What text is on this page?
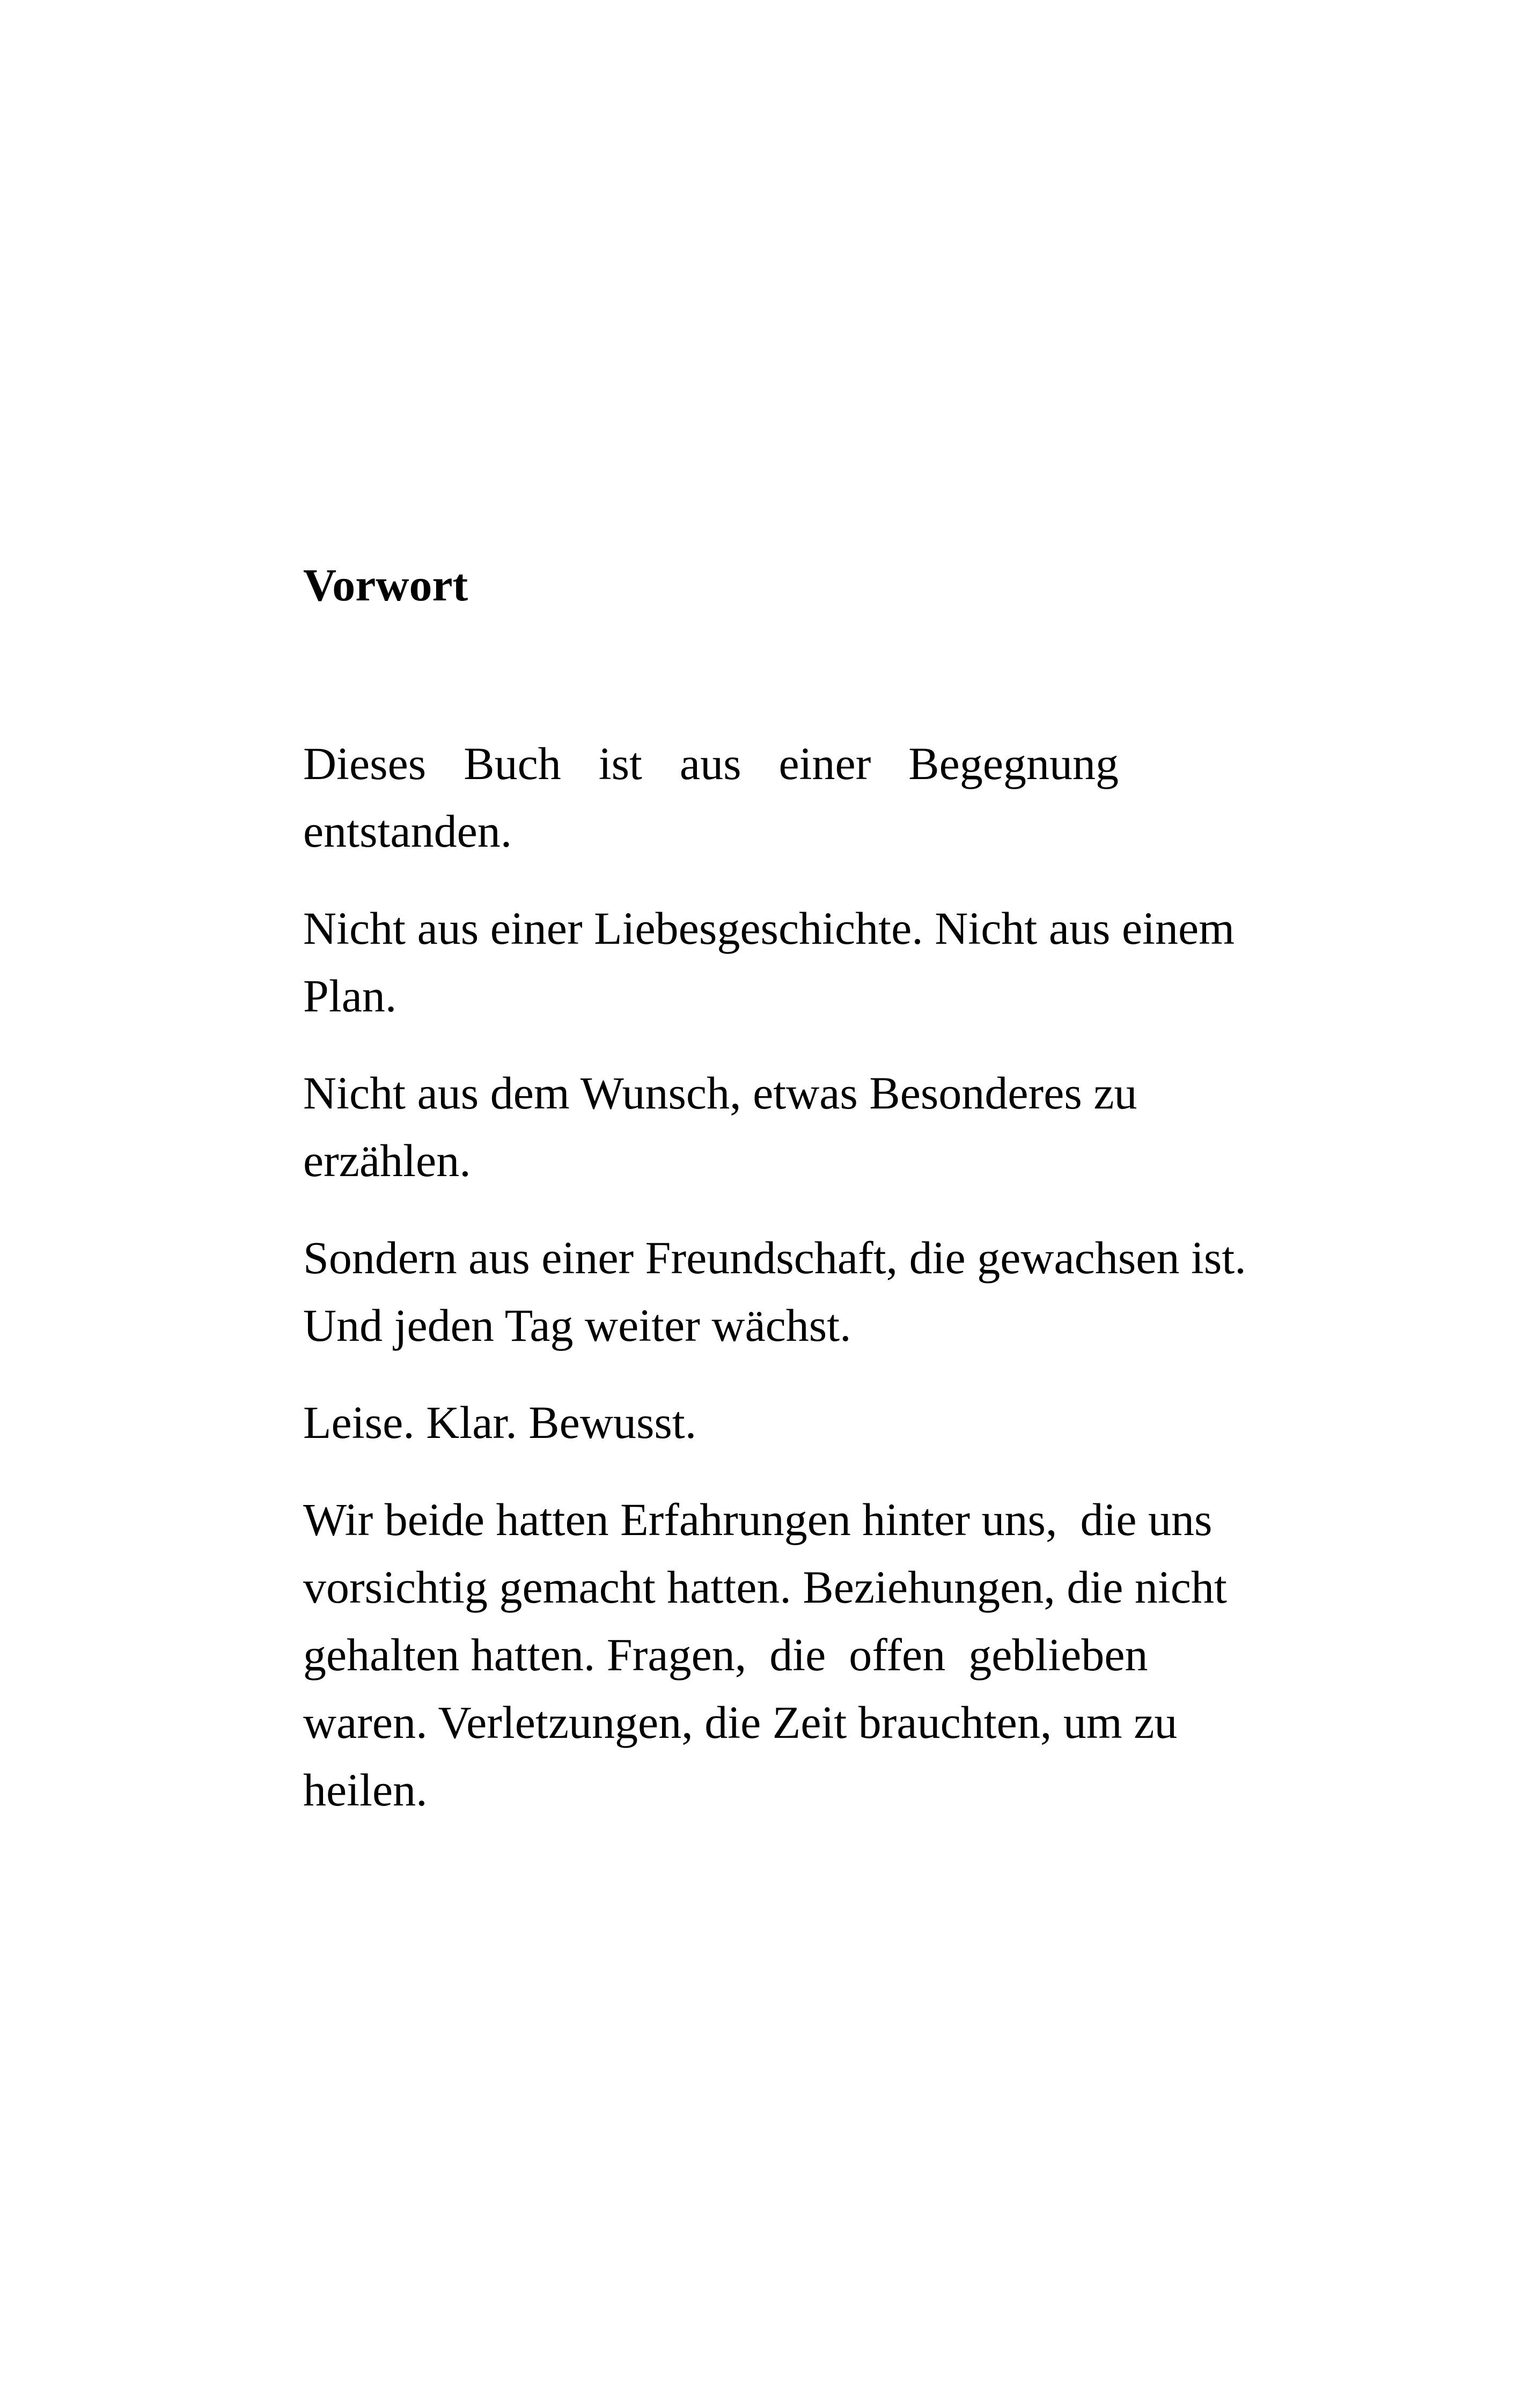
Vorwort

Dieses Buch ist aus einer Begegnung
entstanden.

Nicht aus einer Liebesgeschichte. Nicht aus einem
Plan.

Nicht aus dem Wunsch, etwas Besonderes zu
erzählen.

Sondern aus einer Freundschaft, die gewachsen ist.
Und jeden Tag weiter wächst.

Leise. Klar. Bewusst.

Wir beide hatten Erfahrungen hinter uns,  die uns
vorsichtig gemacht hatten. Beziehungen, die nicht
gehalten hatten. Fragen,  die  offen  geblieben
waren. Verletzungen, die Zeit brauchten, um zu
heilen.
